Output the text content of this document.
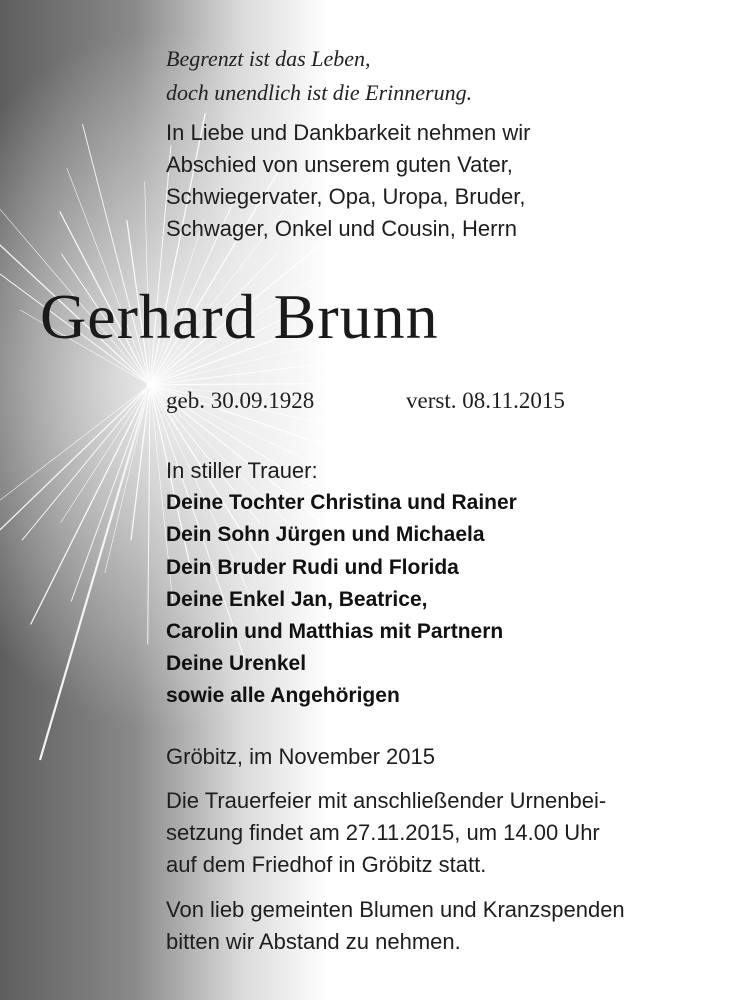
Begrenzt ist das Leben,
doch unendlich ist die Erinnerung.
In Liebe und Dankbarkeit nehmen wir
Abschied von unserem guten Vater,
Schwiegervater, Opa, Uropa, Bruder,
Schwager, Onkel und Cousin, Herrn
Gerhard Brunn
geb. 30.09.1928	verst. 08.11.2015
In stiller Trauer:
Deine Tochter Christina und Rainer
Dein Sohn Jürgen und Michaela
Dein Bruder Rudi und Florida
Deine Enkel Jan, Beatrice,
Carolin und Matthias mit Partnern
Deine Urenkel
sowie alle Angehörigen
Gröbitz, im November 2015
Die Trauerfeier mit anschließender Urnenbei-
setzung findet am 27.11.2015, um 14.00 Uhr
auf dem Friedhof in Gröbitz statt.
Von lieb gemeinten Blumen und Kranzspenden
bitten wir Abstand zu nehmen.
